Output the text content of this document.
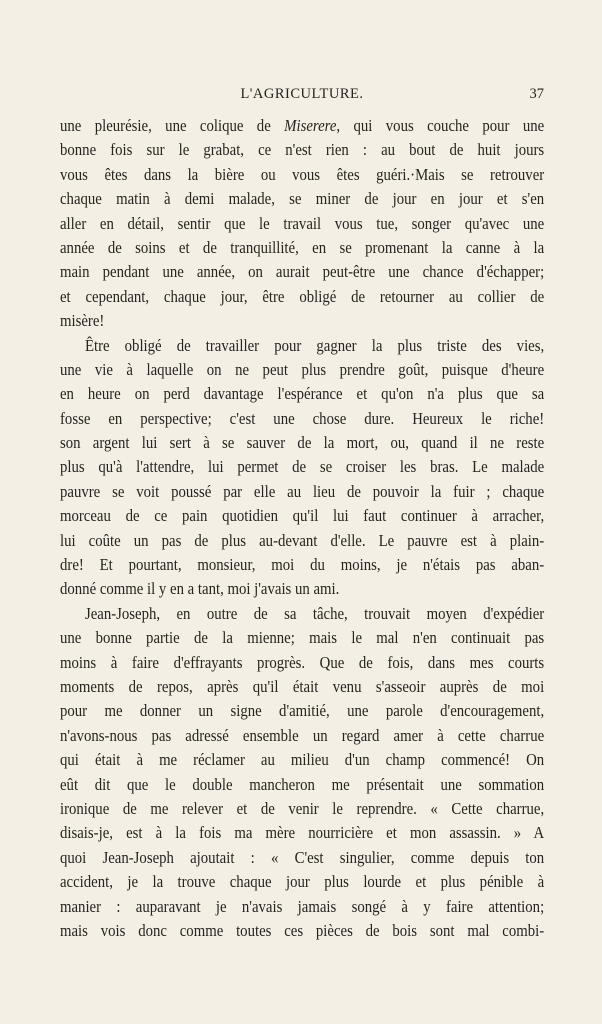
L'AGRICULTURE.	37
une pleurésie, une colique de Miserere, qui vous couche pour une
bonne fois sur le grabat, ce n'est rien : au bout de huit jours
vous êtes dans la bière ou vous êtes guéri.·Mais se retrouver
chaque matin à demi malade, se miner de jour en jour et s'en
aller en détail, sentir que le travail vous tue, songer qu'avec une
année de soins et de tranquillité, en se promenant la canne à la
main pendant une année, on aurait peut-être une chance d'échapper;
et cependant, chaque jour, être obligé de retourner au collier de
misère!
Être obligé de travailler pour gagner la plus triste des vies,
une vie à laquelle on ne peut plus prendre goût, puisque d'heure
en heure on perd davantage l'espérance et qu'on n'a plus que sa
fosse en perspective; c'est une chose dure. Heureux le riche!
son argent lui sert à se sauver de la mort, ou, quand il ne reste
plus qu'à l'attendre, lui permet de se croiser les bras. Le malade
pauvre se voit poussé par elle au lieu de pouvoir la fuir ; chaque
morceau de ce pain quotidien qu'il lui faut continuer à arracher,
lui coûte un pas de plus au-devant d'elle. Le pauvre est à plain-
dre! Et pourtant, monsieur, moi du moins, je n'étais pas aban-
donné comme il y en a tant, moi j'avais un ami.
Jean-Joseph, en outre de sa tâche, trouvait moyen d'expédier
une bonne partie de la mienne; mais le mal n'en continuait pas
moins à faire d'effrayants progrès. Que de fois, dans mes courts
moments de repos, après qu'il était venu s'asseoir auprès de moi
pour me donner un signe d'amitié, une parole d'encouragement,
n'avons-nous pas adressé ensemble un regard amer à cette charrue
qui était à me réclamer au milieu d'un champ commencé! On
eût dit que le double mancheron me présentait une sommation
ironique de me relever et de venir le reprendre. « Cette charrue,
disais-je, est à la fois ma mère nourricière et mon assassin. » A
quoi Jean-Joseph ajoutait : « C'est singulier, comme depuis ton
accident, je la trouve chaque jour plus lourde et plus pénible à
manier : auparavant je n'avais jamais songé à y faire attention;
mais vois donc comme toutes ces pièces de bois sont mal combi-
